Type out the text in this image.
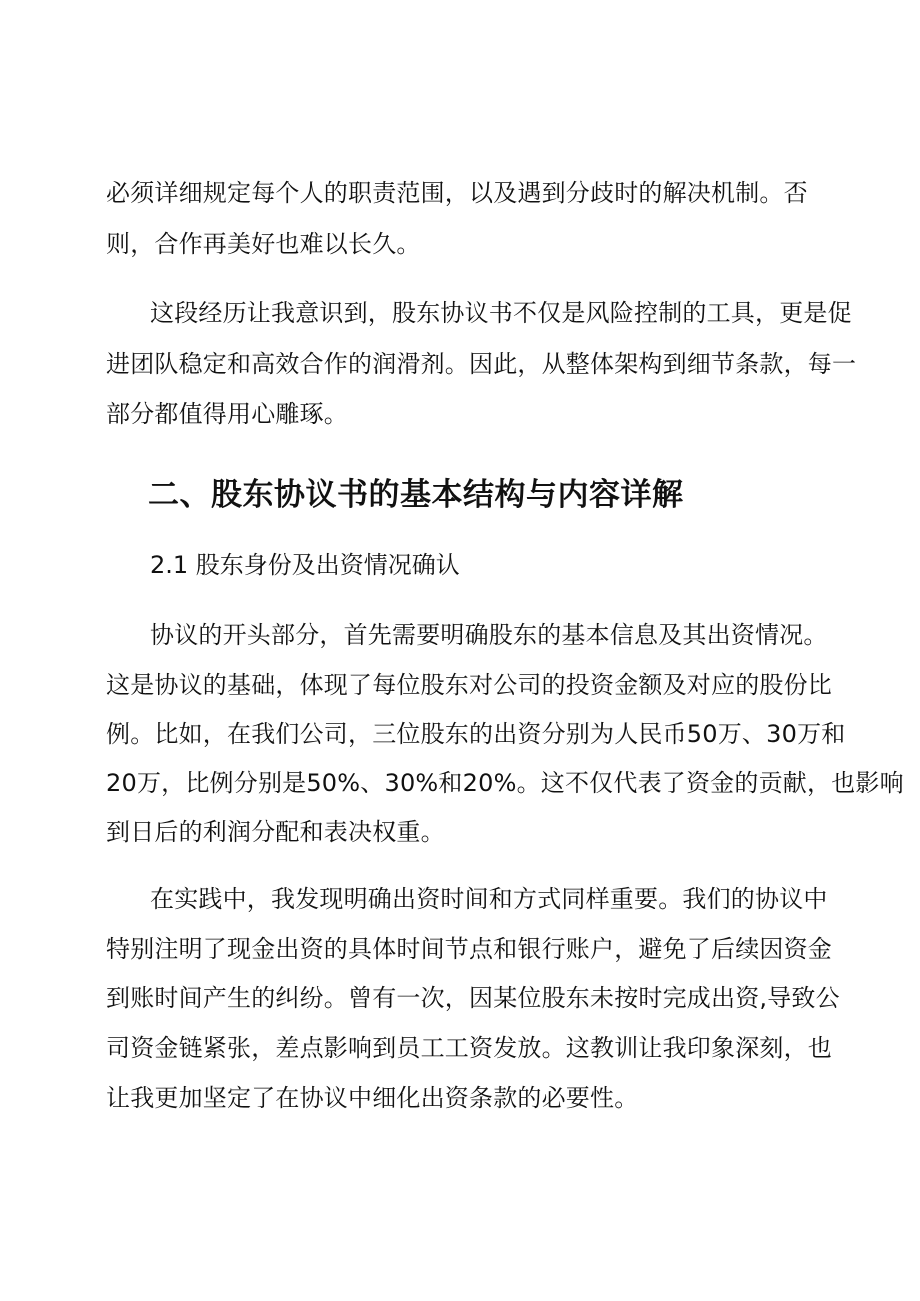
必须详细规定每个人的职责范围，以及遇到分歧时的解决机制。否
则，合作再美好也难以长久。
这段经历让我意识到，股东协议书不仅是风险控制的工具，更是促
进团队稳定和高效合作的润滑剂。因此，从整体架构到细节条款，每一
部分都值得用心雕琢。
二、股东协议书的基本结构与内容详解
2.1 股东身份及出资情况确认
协议的开头部分，首先需要明确股东的基本信息及其出资情况。
这是协议的基础，体现了每位股东对公司的投资金额及对应的股份比
例。比如，在我们公司，三位股东的出资分别为人民币50万、30万和
20万，比例分别是50%、30%和20%。这不仅代表了资金的贡献，也影响
到日后的利润分配和表决权重。
在实践中，我发现明确出资时间和方式同样重要。我们的协议中
特别注明了现金出资的具体时间节点和银行账户，避免了后续因资金
到账时间产生的纠纷。曾有一次，因某位股东未按时完成出资,导致公
司资金链紧张，差点影响到员工工资发放。这教训让我印象深刻，也
让我更加坚定了在协议中细化出资条款的必要性。
